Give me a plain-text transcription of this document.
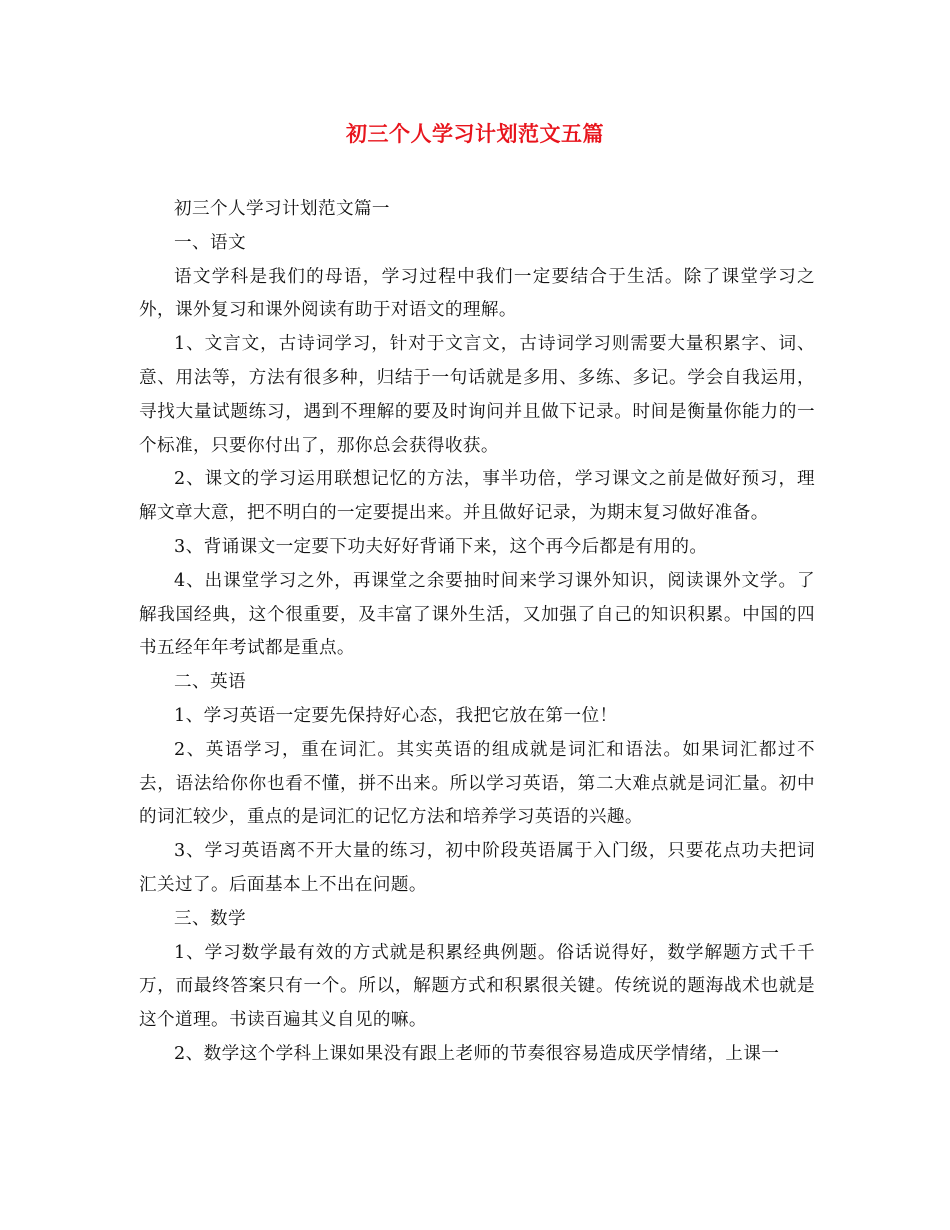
初三个人学习计划范文五篇

初三个人学习计划范文篇一

一、语文

语文学科是我们的母语，学习过程中我们一定要结合于生活。除了课堂学习之外，课外复习和课外阅读有助于对语文的理解。

1、文言文，古诗词学习，针对于文言文，古诗词学习则需要大量积累字、词、意、用法等，方法有很多种，归结于一句话就是多用、多练、多记。学会自我运用，寻找大量试题练习，遇到不理解的要及时询问并且做下记录。时间是衡量你能力的一个标准，只要你付出了，那你总会获得收获。

2、课文的学习运用联想记忆的方法，事半功倍，学习课文之前是做好预习，理解文章大意，把不明白的一定要提出来。并且做好记录，为期末复习做好准备。

3、背诵课文一定要下功夫好好背诵下来，这个再今后都是有用的。

4、出课堂学习之外，再课堂之余要抽时间来学习课外知识，阅读课外文学。了解我国经典，这个很重要，及丰富了课外生活，又加强了自己的知识积累。中国的四书五经年年考试都是重点。

二、英语

1、学习英语一定要先保持好心态，我把它放在第一位！

2、英语学习，重在词汇。其实英语的组成就是词汇和语法。如果词汇都过不去，语法给你你也看不懂，拼不出来。所以学习英语，第二大难点就是词汇量。初中的词汇较少，重点的是词汇的记忆方法和培养学习英语的兴趣。

3、学习英语离不开大量的练习，初中阶段英语属于入门级，只要花点功夫把词汇关过了。后面基本上不出在问题。

三、数学

1、学习数学最有效的方式就是积累经典例题。俗话说得好，数学解题方式千千万，而最终答案只有一个。所以，解题方式和积累很关键。传统说的题海战术也就是这个道理。书读百遍其义自见的嘛。

2、数学这个学科上课如果没有跟上老师的节奏很容易造成厌学情绪，上课一
